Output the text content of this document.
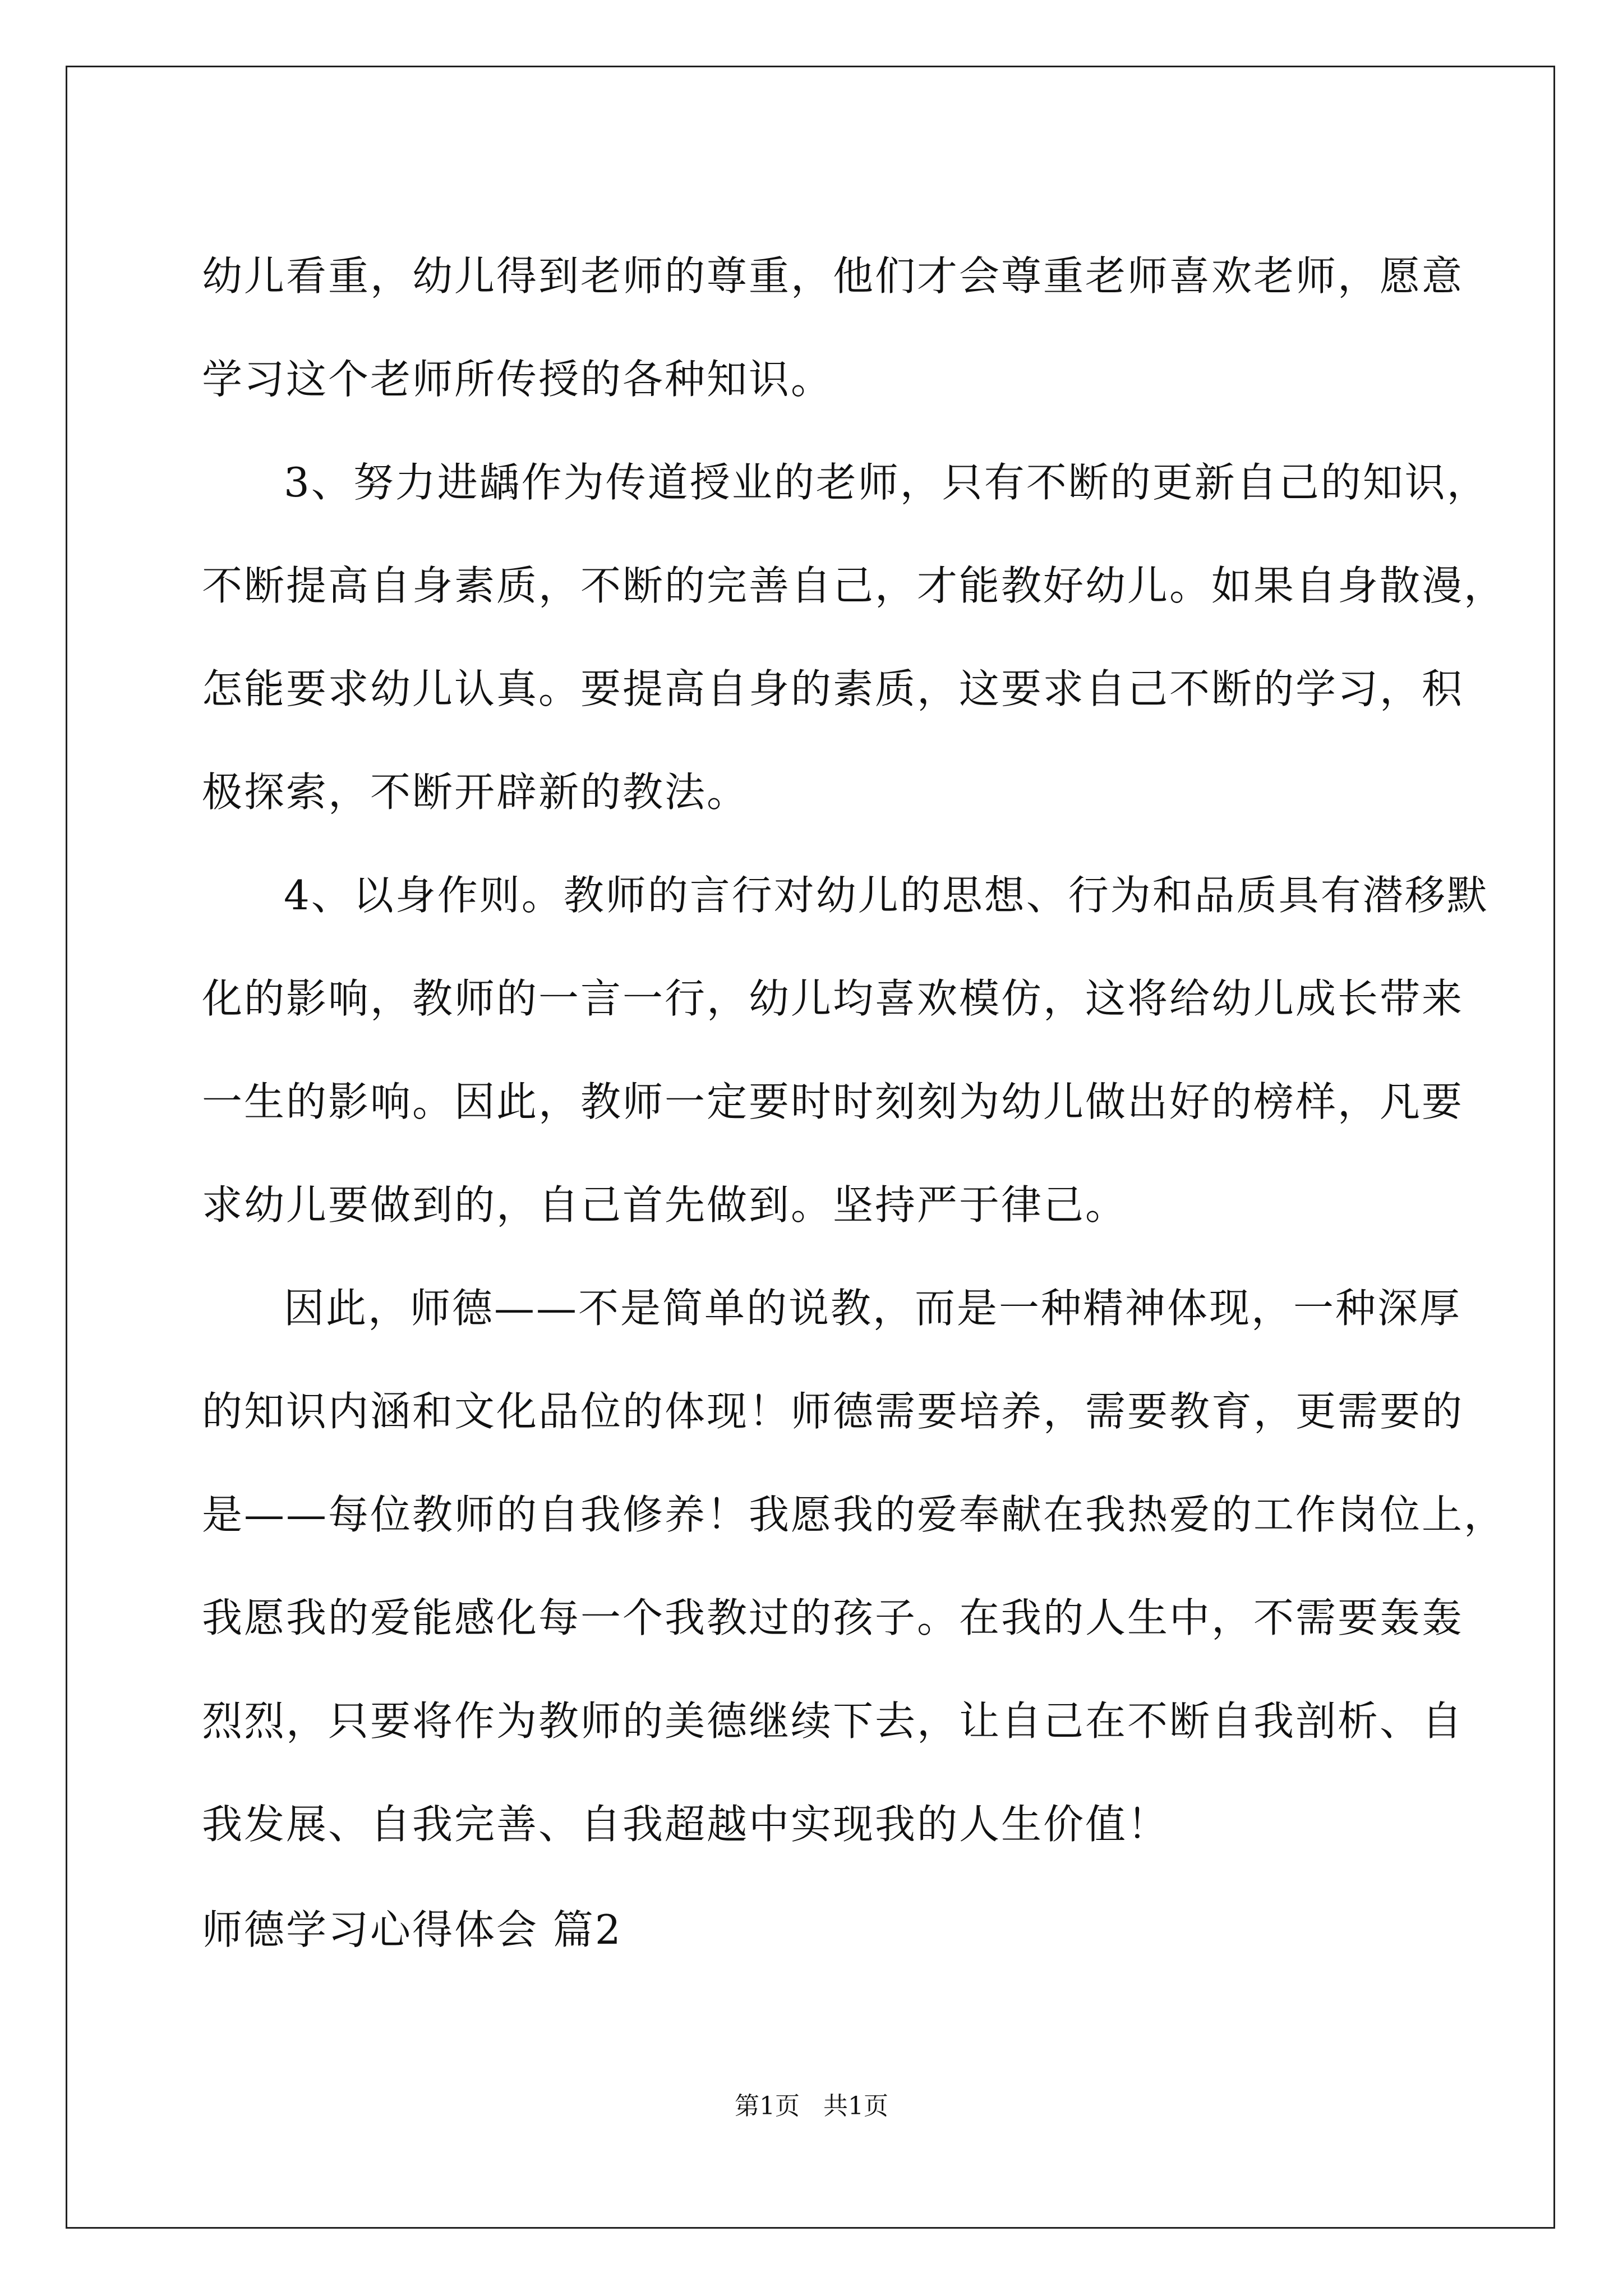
幼儿看重，幼儿得到老师的尊重，他们才会尊重老师喜欢老师，愿意
学习这个老师所传授的各种知识。
3、努力进龋作为传道授业的老师，只有不断的更新自己的知识，
不断提高自身素质，不断的完善自己，才能教好幼儿。如果自身散漫，
怎能要求幼儿认真。要提高自身的素质，这要求自己不断的学习，积
极探索，不断开辟新的教法。
4、以身作则。教师的言行对幼儿的思想、行为和品质具有潜移默
化的影响，教师的一言一行，幼儿均喜欢模仿，这将给幼儿成长带来
一生的影响。因此，教师一定要时时刻刻为幼儿做出好的榜样，凡要
求幼儿要做到的，自己首先做到。坚持严于律己。
因此，师德——不是简单的说教，而是一种精神体现，一种深厚
的知识内涵和文化品位的体现！师德需要培养，需要教育，更需要的
是——每位教师的自我修养！我愿我的爱奉献在我热爱的工作岗位上，
我愿我的爱能感化每一个我教过的孩子。在我的人生中，不需要轰轰
烈烈，只要将作为教师的美德继续下去，让自己在不断自我剖析、自
我发展、自我完善、自我超越中实现我的人生价值！
师德学习心得体会 篇2
第1页   共1页
